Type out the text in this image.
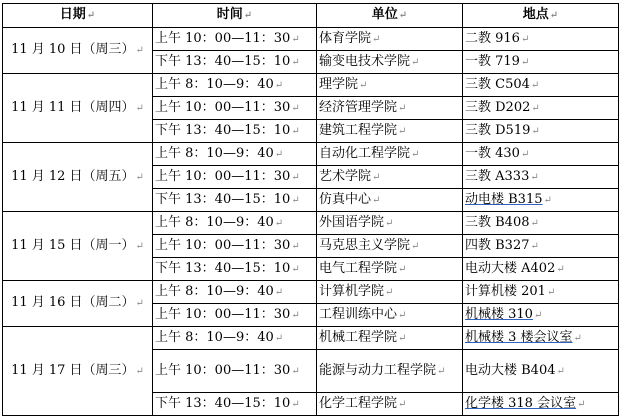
日期↵	时间↵	单位↵	地点↵
11 月 10 日（周三）↵	上午 10：00—11：30↵	体育学院↵	二教 916↵
	下午 13：40—15：10↵	输变电技术学院↵	一教 719↵
11 月 11 日（周四）↵	上午 8：10—9：40↵	理学院↵	三教 C504↵
	上午 10：00—11：30↵	经济管理学院↵	三教 D202↵
	下午 13：40—15：10↵	建筑工程学院↵	三教 D519↵
11 月 12 日（周五）↵	上午 8：10—9：40↵	自动化工程学院↵	一教 430↵
	上午 10：00—11：30↵	艺术学院↵	三教 A333↵
	下午 13：40—15：10↵	仿真中心↵	动电楼 B315↵
11 月 15 日（周一）↵	上午 8：10—9：40↵	外国语学院↵	三教 B408↵
	上午 10：00—11：30↵	马克思主义学院↵	四教 B327↵
	下午 13：40—15：10↵	电气工程学院↵	电动大楼 A402↵
11 月 16 日（周二）↵	上午 8：10—9：40↵	计算机学院↵	计算机楼 201↵
	上午 10：00—11：30↵	工程训练中心↵	机械楼 310↵
11 月 17 日（周三）↵	上午 8：10—9：40↵	机械工程学院↵	机械楼 3 楼会议室↵
	上午 10：00—11：30↵	能源与动力工程学院↵	电动大楼 B404↵
	下午 13：40—15：10↵	化学工程学院↵	化学楼 318 会议室↵
